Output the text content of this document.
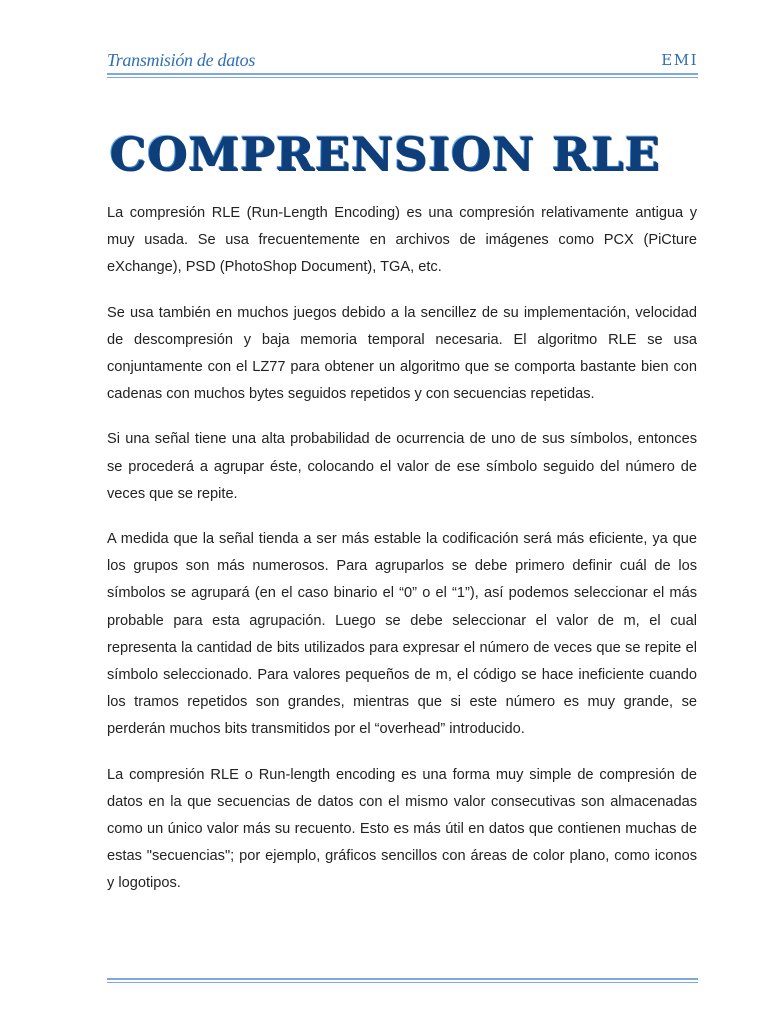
Transmisión de datos	EMI
COMPRENSION RLE

La compresión RLE (Run-Length Encoding) es una compresión relativamente antigua y muy usada. Se usa frecuentemente en archivos de imágenes como PCX (PiCture eXchange), PSD (PhotoShop Document), TGA, etc.

Se usa también en muchos juegos debido a la sencillez de su implementación, velocidad de descompresión y baja memoria temporal necesaria. El algoritmo RLE se usa conjuntamente con el LZ77 para obtener un algoritmo que se comporta bastante bien con cadenas con muchos bytes seguidos repetidos y con secuencias repetidas.

Si una señal tiene una alta probabilidad de ocurrencia de uno de sus símbolos, entonces se procederá a agrupar éste, colocando el valor de ese símbolo seguido del número de veces que se repite.

A medida que la señal tienda a ser más estable la codificación será más eficiente, ya que los grupos son más numerosos. Para agruparlos se debe primero definir cuál de los símbolos se agrupará (en el caso binario el “0” o el “1”), así podemos seleccionar el más probable para esta agrupación. Luego se debe seleccionar el valor de m, el cual representa la cantidad de bits utilizados para expresar el número de veces que se repite el símbolo seleccionado. Para valores pequeños de m, el código se hace ineficiente cuando los tramos repetidos son grandes, mientras que si este número es muy grande, se perderán muchos bits transmitidos por el “overhead” introducido.

La compresión RLE o Run-length encoding es una forma muy simple de compresión de datos en la que secuencias de datos con el mismo valor consecutivas son almacenadas como un único valor más su recuento. Esto es más útil en datos que contienen muchas de estas "secuencias"; por ejemplo, gráficos sencillos con áreas de color plano, como iconos y logotipos.
